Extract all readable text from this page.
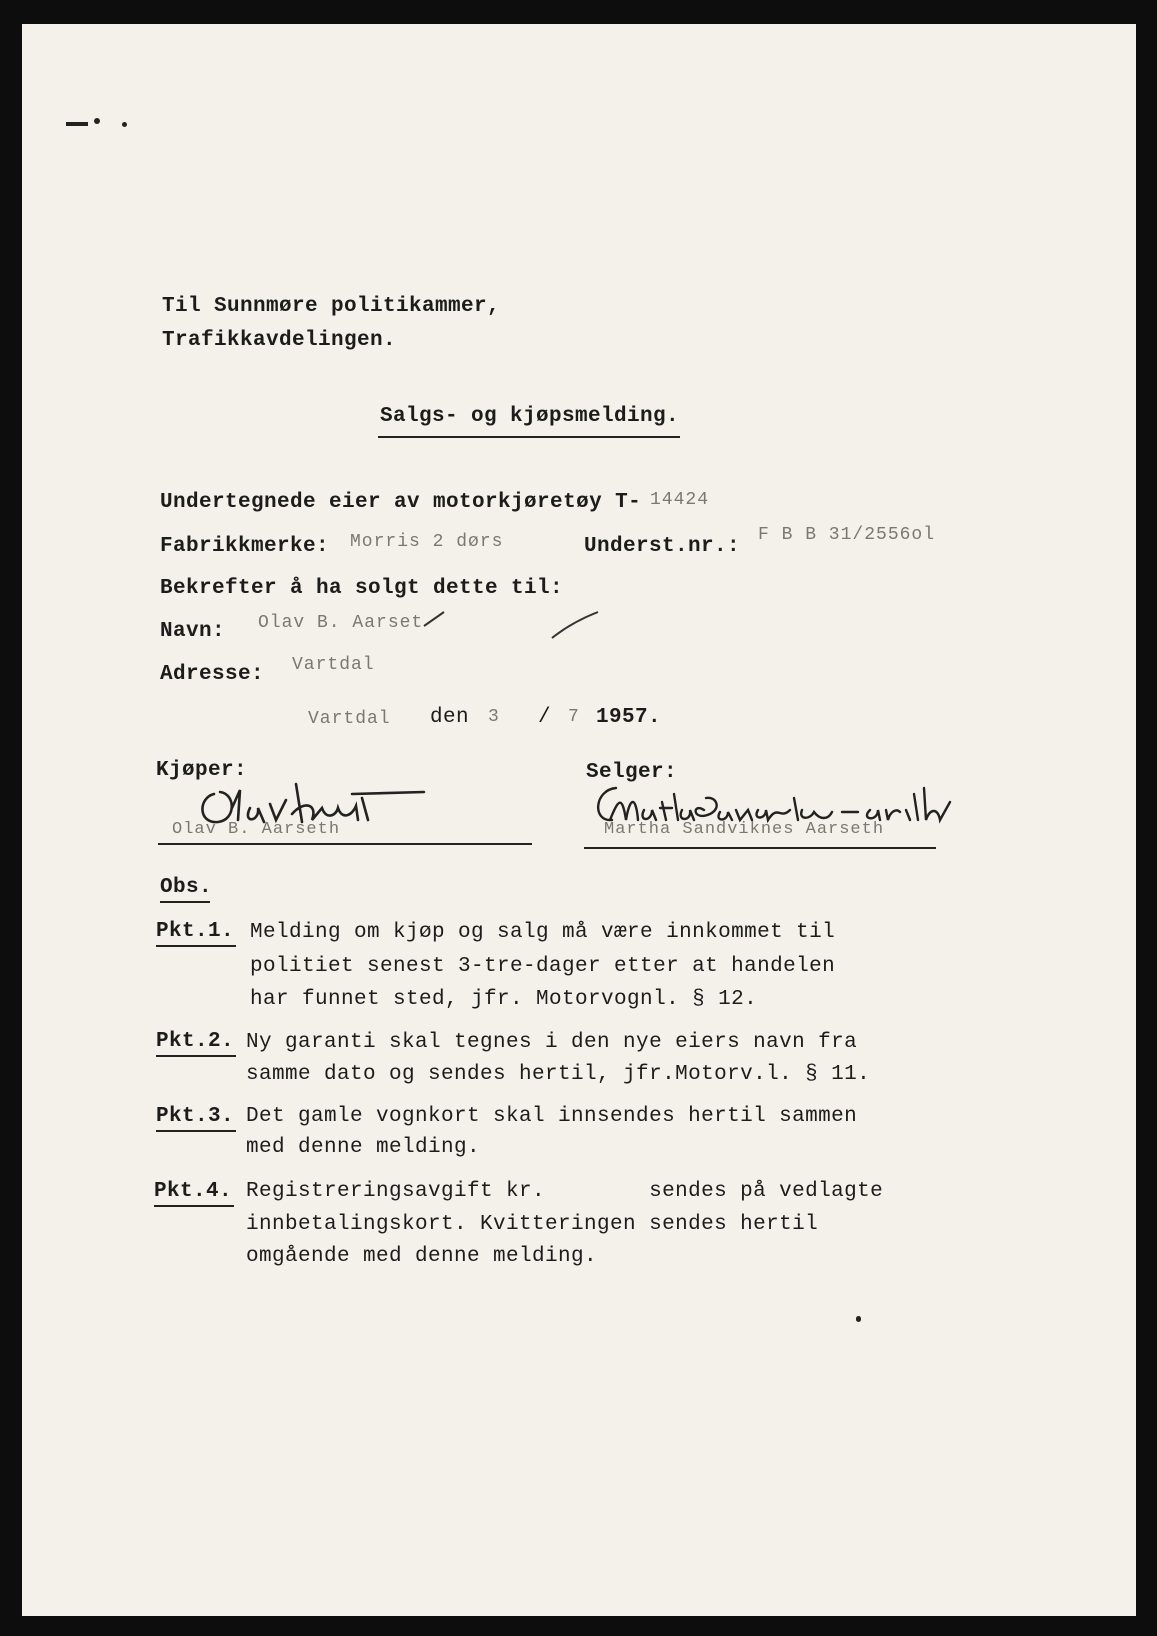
Til Sunnmøre politikammer,
Trafikkavdelingen.
Salgs- og kjøpsmelding.
Undertegnede eier av motorkjøretøy T- 14424
Fabrikkmerke: Morris 2 dørs	Underst.nr.: F B B 31/2556ol
Bekrefter å ha solgt dette til:
Navn: Olav B. Aarset
Adresse: Vartdal
Vartdal den 3 / 7 1957.
Kjøper:	Selger:
Olav B. Aarseth	Martha Sandviknes Aarseth
Obs.
Pkt.1. Melding om kjøp og salg må være innkommet til
politiet senest 3-tre-dager etter at handelen
har funnet sted, jfr. Motorvognl. § 12.
Pkt.2. Ny garanti skal tegnes i den nye eiers navn fra
samme dato og sendes hertil, jfr.Motorv.l. § 11.
Pkt.3. Det gamle vognkort skal innsendes hertil sammen
med denne melding.
Pkt.4. Registreringsavgift kr.        sendes på vedlagte
innbetalingskort. Kvitteringen sendes hertil
omgående med denne melding.
